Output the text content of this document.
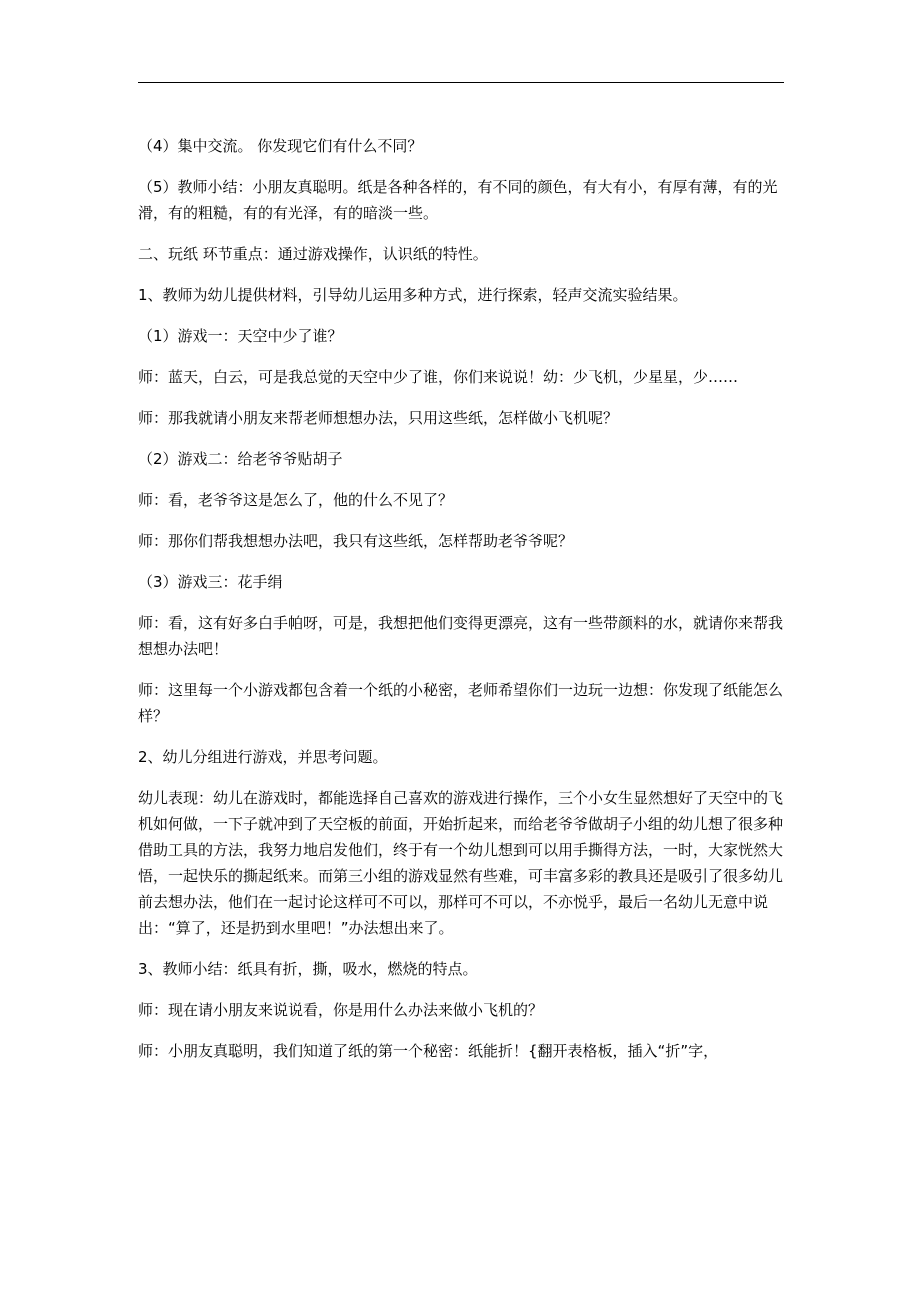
（4）集中交流。 你发现它们有什么不同？

（5）教师小结：小朋友真聪明。纸是各种各样的，有不同的颜色，有大有小，有厚有薄，有的光滑，有的粗糙，有的有光泽，有的暗淡一些。

二、玩纸 环节重点：通过游戏操作，认识纸的特性。

1、教师为幼儿提供材料，引导幼儿运用多种方式，进行探索，轻声交流实验结果。

（1）游戏一：天空中少了谁？

师：蓝天，白云，可是我总觉的天空中少了谁，你们来说说！幼：少飞机，少星星，少……

师：那我就请小朋友来帮老师想想办法，只用这些纸，怎样做小飞机呢？

（2）游戏二：给老爷爷贴胡子

师：看，老爷爷这是怎么了，他的什么不见了？

师：那你们帮我想想办法吧，我只有这些纸，怎样帮助老爷爷呢？

（3）游戏三：花手绢

师：看，这有好多白手帕呀，可是，我想把他们变得更漂亮，这有一些带颜料的水，就请你来帮我想想办法吧！

师：这里每一个小游戏都包含着一个纸的小秘密，老师希望你们一边玩一边想：你发现了纸能怎么样？

2、幼儿分组进行游戏，并思考问题。

幼儿表现：幼儿在游戏时，都能选择自己喜欢的游戏进行操作，三个小女生显然想好了天空中的飞机如何做，一下子就冲到了天空板的前面，开始折起来，而给老爷爷做胡子小组的幼儿想了很多种借助工具的方法，我努力地启发他们，终于有一个幼儿想到可以用手撕得方法，一时，大家恍然大悟，一起快乐的撕起纸来。而第三小组的游戏显然有些难，可丰富多彩的教具还是吸引了很多幼儿前去想办法，他们在一起讨论这样可不可以，那样可不可以，不亦悦乎，最后一名幼儿无意中说出：“算了，还是扔到水里吧！”办法想出来了。

3、教师小结：纸具有折，撕，吸水，燃烧的特点。

师：现在请小朋友来说说看，你是用什么办法来做小飞机的？

师：小朋友真聪明，我们知道了纸的第一个秘密：纸能折！{翻开表格板，插入“折”字，
